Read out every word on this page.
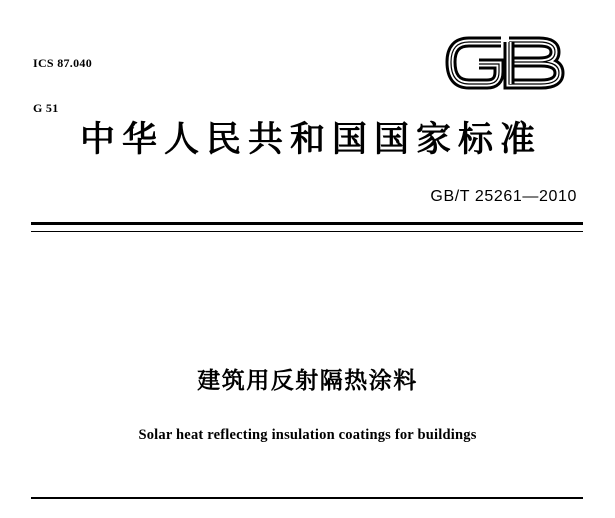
ICS 87.040

G 51

中华人民共和国国家标准
GB/T 25261—2010
建筑用反射隔热涂料
Solar heat reflecting insulation coatings for buildings
